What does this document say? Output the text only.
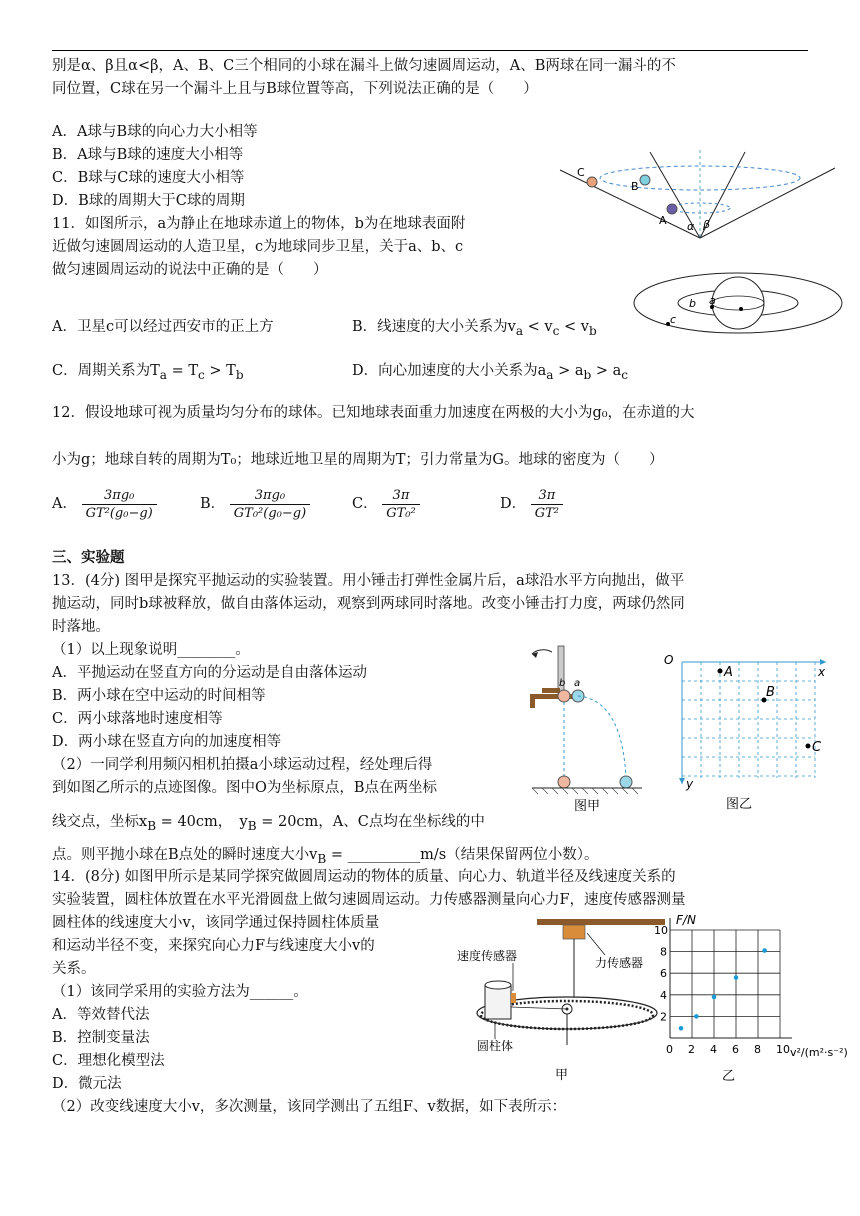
别是α、β且α<β，A、B、C三个相同的小球在漏斗上做匀速圆周运动，A、B两球在同一漏斗的不
同位置，C球在另一个漏斗上且与B球位置等高，下列说法正确的是（　　）
A．A球与B球的向心力大小相等
B．A球与B球的速度大小相等
C．B球与C球的速度大小相等
D．B球的周期大于C球的周期
C
B
A α β
11．如图所示，a为静止在地球赤道上的物体，b为在地球表面附
近做匀速圆周运动的人造卫星，c为地球同步卫星，关于a、b、c
做匀速圆周运动的说法中正确的是（　　）
A．卫星c可以经过西安市的正上方	B．线速度的大小关系为$v_a < v_c < v_b$
C．周期关系为$T_a = T_c > T_b$	D．向心加速度的大小关系为$a_a > a_b > a_c$
b a
c
12．假设地球可视为质量均匀分布的球体。已知地球表面重力加速度在两极的大小为g₀，在赤道的大
小为g；地球自转的周期为T₀；地球近地卫星的周期为T；引力常量为G。地球的密度为（　　）
A． $\frac{\text{3πg₀}}{\text{GT²(g₀−g)}}$	B． $\frac{\text{3πg₀}}{\text{GT₀²(g₀−g)}}$	C． $\frac{3\pi}{\text{GT₀²}}$	D． $\frac{3\pi}{\text{GT²}}$
三、实验题
13．(4分) 图甲是探究平抛运动的实验装置。用小锤击打弹性金属片后，a球沿水平方向抛出，做平
抛运动，同时b球被释放，做自由落体运动，观察到两球同时落地。改变小锤击打力度，两球仍然同
时落地。
（1）以上现象说明________。
A．平抛运动在竖直方向的分运动是自由落体运动
B．两小球在空中运动的时间相等
C．两小球落地时速度相等
D．两小球在竖直方向的加速度相等
（2）一同学利用频闪相机拍摄a小球运动过程，经处理后得
到如图乙所示的点迹图像。图中O为坐标原点，B点在两坐标
线交点，坐标$x_B = 40cm$，　$y_B = 20cm$，A、C点均在坐标线的中
点。则平抛小球在B点处的瞬时速度大小$v_B$ = __________m/s（结果保留两位小数）。
b a
图甲
O
x
y
A
B
C
图乙
14．(8分) 如图甲所示是某同学探究做圆周运动的物体的质量、向心力、轨道半径及线速度关系的
实验装置，圆柱体放置在水平光滑圆盘上做匀速圆周运动。力传感器测量向心力F，速度传感器测量
圆柱体的线速度大小v，该同学通过保持圆柱体质量
和运动半径不变，来探究向心力F与线速度大小v的
关系。
（1）该同学采用的实验方法为______。
A．等效替代法
B．控制变量法
C．理想化模型法
D．微元法
（2）改变线速度大小v，多次测量，该同学测出了五组F、v数据，如下表所示：
速度传感器	力传感器
圆柱体
甲
0 2 4 6 8 10
2
4
6
8
10
F/N
v²/(m²·s⁻²)
乙
